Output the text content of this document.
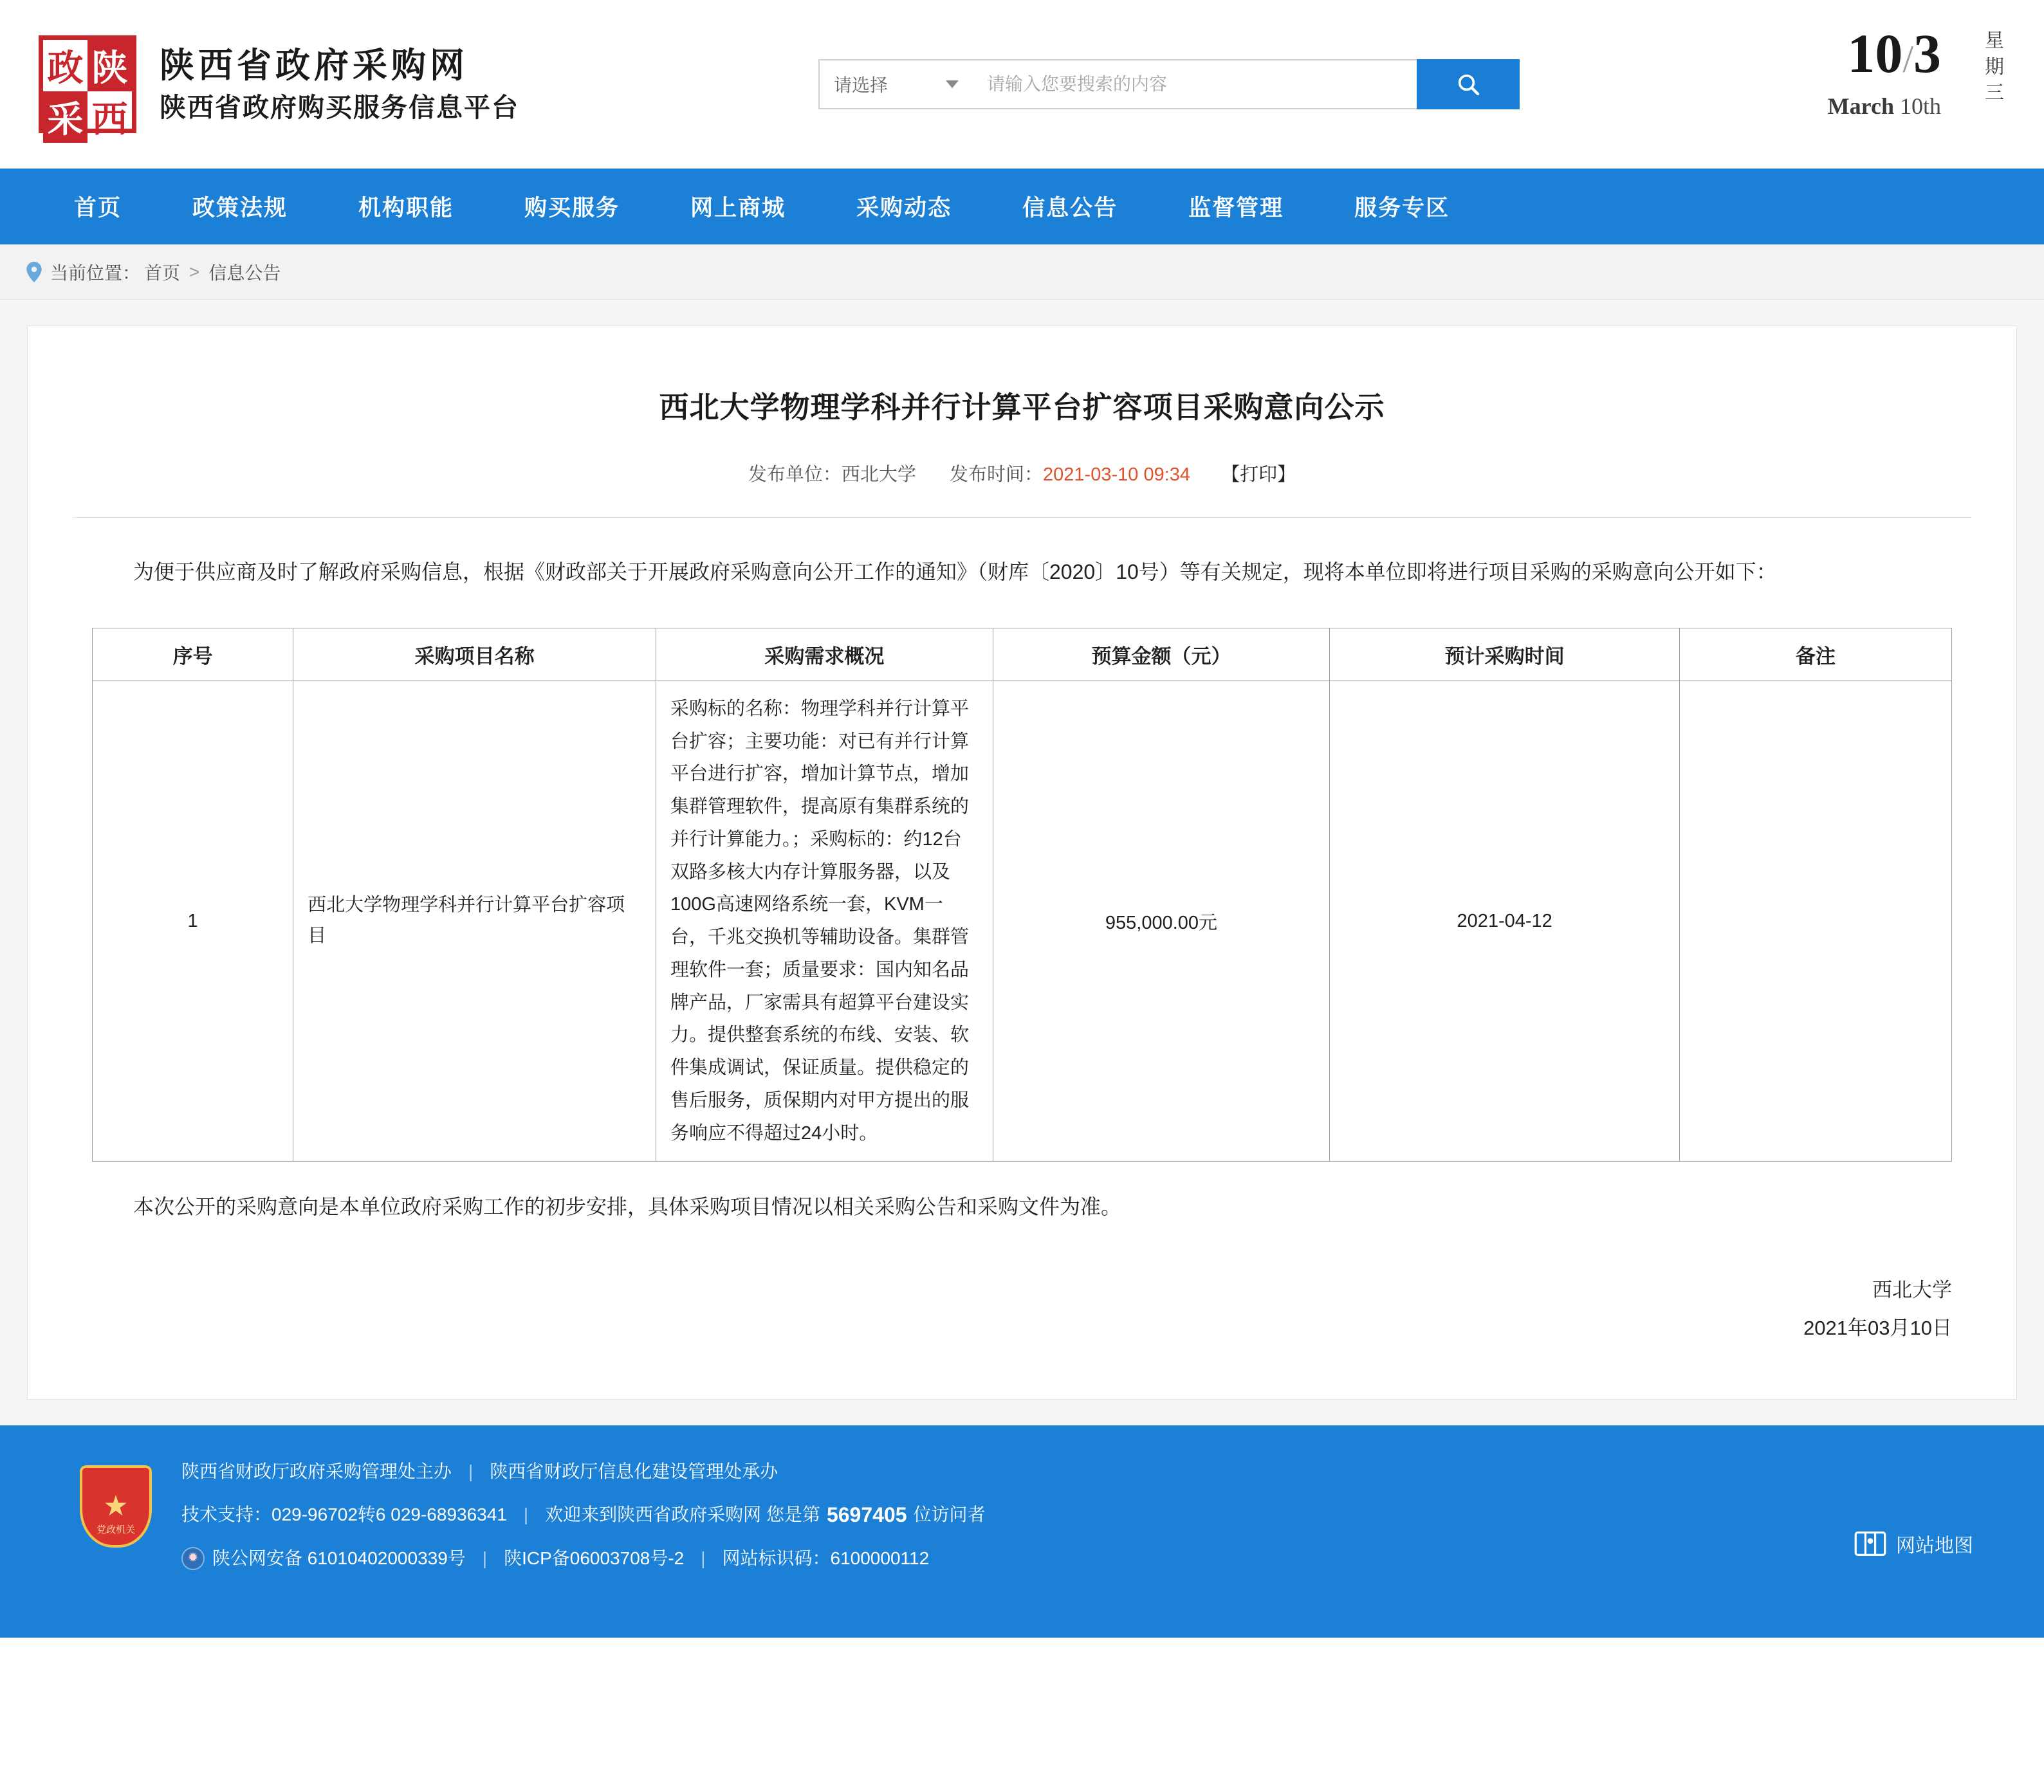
政 陕
采 西
陕西省政府采购网
陕西省政府购买服务信息平台
请选择
请输入您要搜索的内容
10/3
March 10th
星期三
首页	政策法规	机构职能	购买服务	网上商城	采购动态	信息公告	监督管理	服务专区
当前位置： 首页 > 信息公告
西北大学物理学科并行计算平台扩容项目采购意向公示
发布单位：西北大学 发布时间：2021-03-10 09:34 【打印】

为便于供应商及时了解政府采购信息，根据《财政部关于开展政府采购意向公开工作的通知》（财库〔2020〕10号）等有关规定，现将本单位即将进行项目采购的采购意向公开如下：

序号	采购项目名称	采购需求概况	预算金额（元）	预计采购时间	备注
1	西北大学物理学科并行计算平台扩容项目	采购标的名称：物理学科并行计算平台扩容；主要功能：对已有并行计算平台进行扩容，增加计算节点，增加集群管理软件，提高原有集群系统的并行计算能力。；采购标的：约12台双路多核大内存计算服务器，以及100G高速网络系统一套，KVM一台，千兆交换机等辅助设备。集群管理软件一套；质量要求：国内知名品牌产品，厂家需具有超算平台建设实力。提供整套系统的布线、安装、软件集成调试，保证质量。提供稳定的售后服务，质保期内对甲方提出的服务响应不得超过24小时。	955,000.00元	2021-04-12	

本次公开的采购意向是本单位政府采购工作的初步安排，具体采购项目情况以相关采购公告和采购文件为准。

西北大学
2021年03月10日
★
党政机关
陕西省财政厅政府采购管理处主办 | 陕西省财政厅信息化建设管理处承办
技术支持： 029-96702转6 029-68936341 | 欢迎来到陕西省政府采购网 您是第 5697405 位访问者
✹ 陕公网安备 61010402000339号 | 陕ICP备06003708号-2 | 网站标识码：6100000112
网站地图
